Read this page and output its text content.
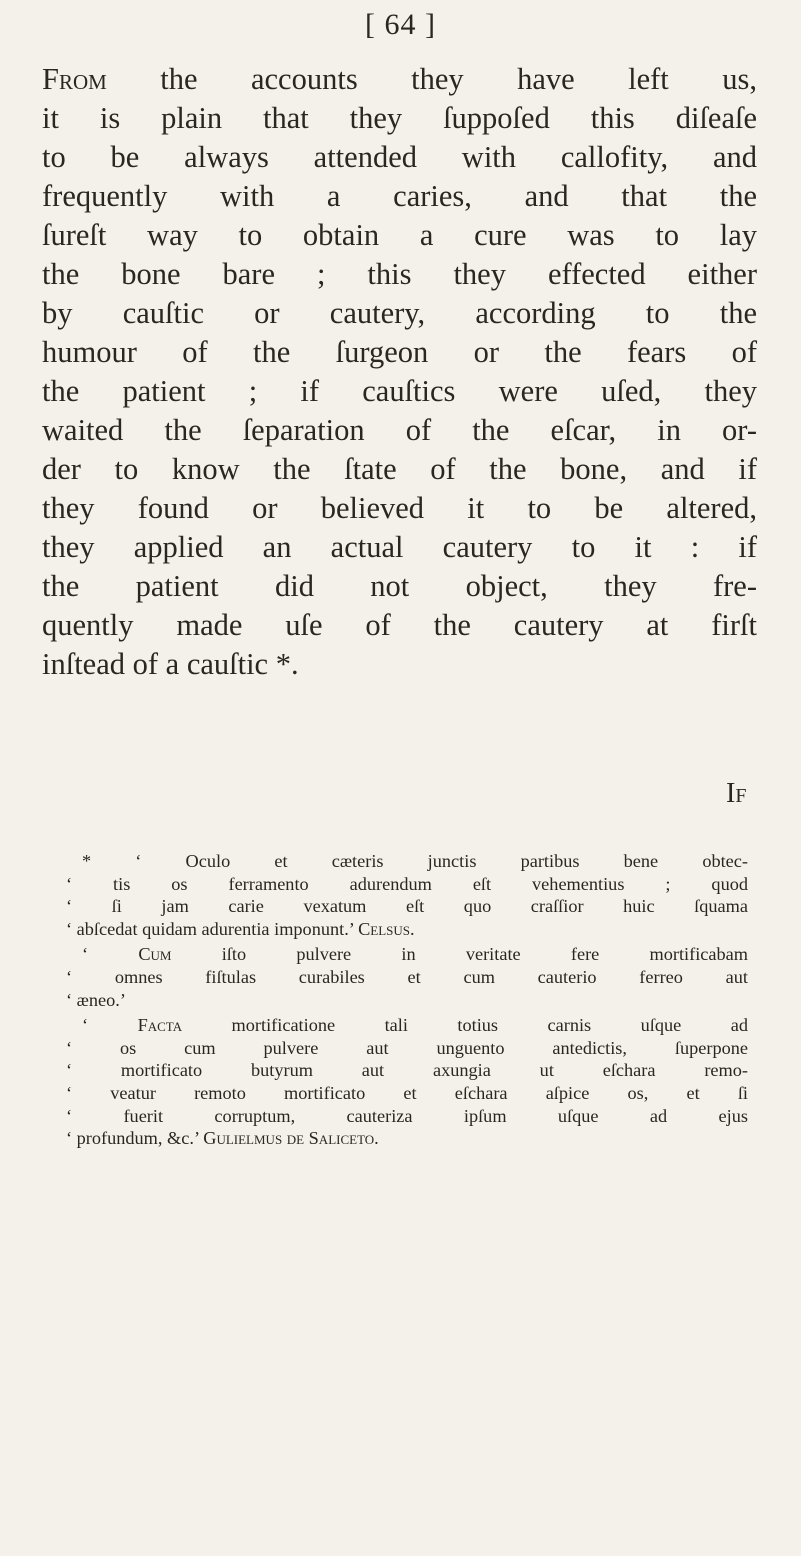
[ 64 ]
From the accounts they have left us,
it is plain that they ſuppoſed this diſeaſe
to be always attended with callofity, and
frequently with a caries, and that the
ſureſt way to obtain a cure was to lay
the bone bare ; this they effected either
by cauſtic or cautery, according to the
humour of the ſurgeon or the fears of
the patient ; if cauſtics were uſed, they
waited the ſeparation of the eſcar, in or-
der to know the ſtate of the bone, and if
they found or believed it to be altered,
they applied an actual cautery to it : if
the patient did not object, they fre-
quently made uſe of the cautery at firſt
inſtead of a cauſtic *.
If
* ‘ Oculo et cæteris junctis partibus bene obtec-
‘ tis os ferramento adurendum eſt vehementius ; quod
‘ ſi jam carie vexatum eſt quo craſſior huic ſquama
‘ abſcedat quidam adurentia imponunt.’ Celsus.
‘ Cum iſto pulvere in veritate fere mortificabam
‘ omnes fiſtulas curabiles et cum cauterio ferreo aut
‘ æneo.’
‘ Facta mortificatione tali totius carnis uſque ad
‘ os cum pulvere aut unguento antedictis, ſuperpone
‘ mortificato butyrum aut axungia ut eſchara remo-
‘ veatur remoto mortificato et eſchara aſpice os, et ſi
‘ fuerit corruptum, cauteriza ipſum uſque ad ejus
‘ profundum, &c.’ Gulielmus de Saliceto.
